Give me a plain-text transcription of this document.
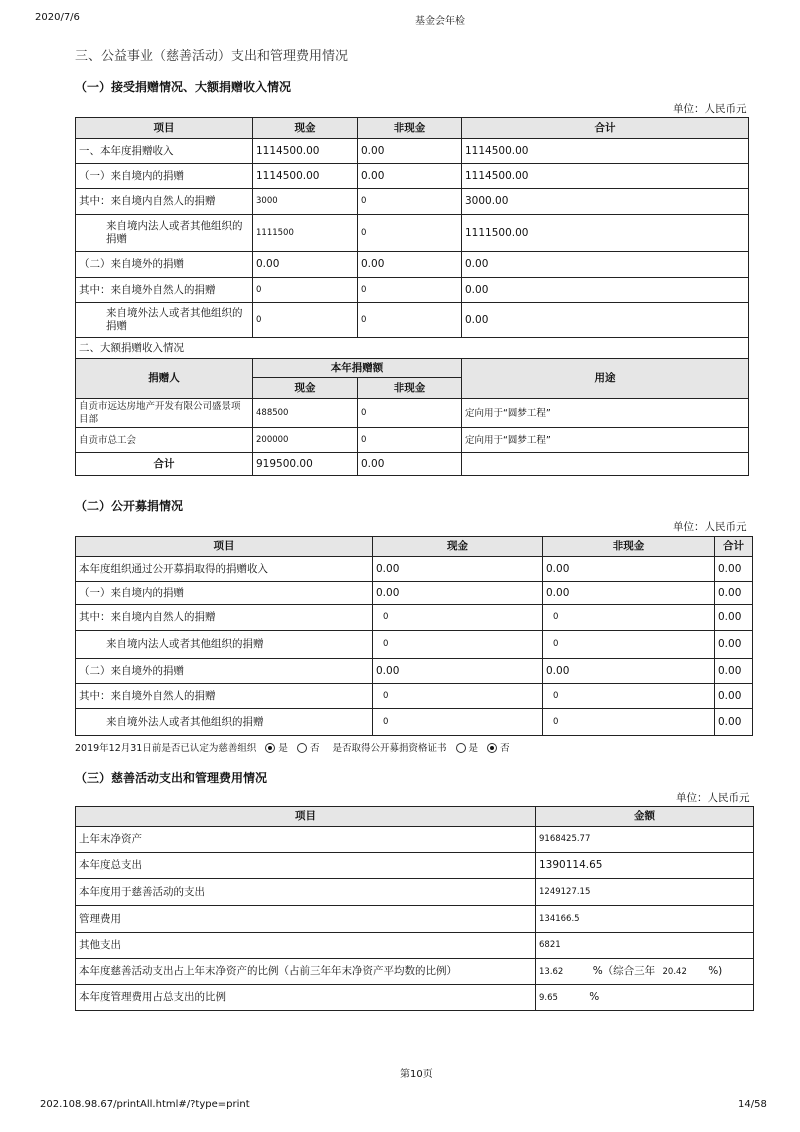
2020/7/6	基金会年检
三、公益事业（慈善活动）支出和管理费用情况
（一）接受捐赠情况、大额捐赠收入情况
单位：人民币元
项目	现金	非现金	合计
一、本年度捐赠收入	1114500.00	0.00	1114500.00
（一）来自境内的捐赠	1114500.00	0.00	1114500.00
其中：来自境内自然人的捐赠	3000	0	3000.00
来自境内法人或者其他组织的捐赠	1111500	0	1111500.00
（二）来自境外的捐赠	0.00	0.00	0.00
其中：来自境外自然人的捐赠	0	0	0.00
来自境外法人或者其他组织的捐赠	0	0	0.00
二、大额捐赠收入情况			
捐赠人	本年捐赠额		用途
	现金	非现金	
自贡市远达房地产开发有限公司盛景项目部	488500	0	定向用于“圆梦工程”
自贡市总工会	200000	0	定向用于“圆梦工程”
合计	919500.00	0.00	
（二）公开募捐情况
单位：人民币元
项目	现金	非现金	合计
本年度组织通过公开募捐取得的捐赠收入	0.00	0.00	0.00
（一）来自境内的捐赠	0.00	0.00	0.00
其中：来自境内自然人的捐赠	0	0	0.00
来自境内法人或者其他组织的捐赠	0	0	0.00
（二）来自境外的捐赠	0.00	0.00	0.00
其中：来自境外自然人的捐赠	0	0	0.00
来自境外法人或者其他组织的捐赠	0	0	0.00
2019年12月31日前是否已认定为慈善组织 是 否 是否取得公开募捐资格证书 是 否
（三）慈善活动支出和管理费用情况
单位：人民币元
项目	金额
上年末净资产	9168425.77
本年度总支出	1390114.65
本年度用于慈善活动的支出	1249127.15
管理费用	134166.5
其他支出	6821
本年度慈善活动支出占上年末净资产的比例（占前三年年末净资产平均数的比例）	13.62 %（综合三年 20.42 %)
本年度管理费用占总支出的比例	9.65 %
第10页
202.108.98.67/printAll.html#/?type=print	14/58
